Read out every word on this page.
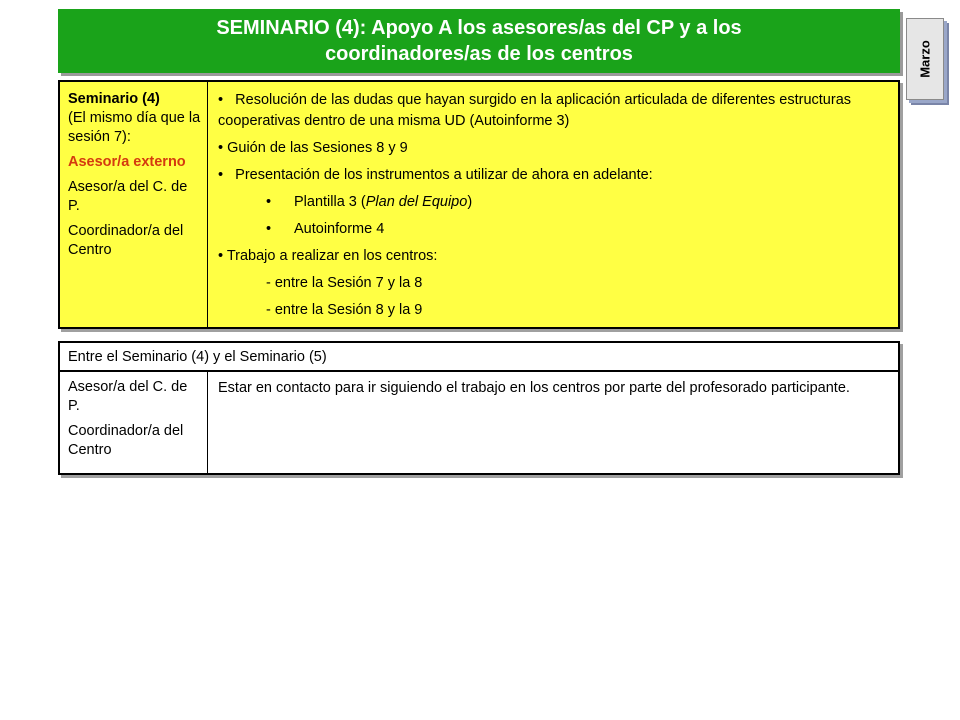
SEMINARIO (4): Apoyo A los asesores/as del CP y a los
coordinadores/as de los centros	Marzo

Seminario (4)
(El mismo día que la sesión 7):

Asesor/a externo

Asesor/a del C. de P.

Coordinador/a del Centro

•   Resolución de las dudas que hayan surgido en la aplicación articulada de diferentes estructuras cooperativas dentro de una misma UD (Autoinforme 3)

• Guión de las Sesiones 8 y 9

•   Presentación de los instrumentos a utilizar de ahora en adelante:

• Plantilla 3 (Plan del Equipo)

• Autoinforme 4

• Trabajo a realizar en los centros:

- entre la Sesión 7 y la 8

- entre la Sesión 8 y la 9

Entre el Seminario (4) y el Seminario (5)

Asesor/a del C. de P.

Coordinador/a del Centro

Estar en contacto para ir siguiendo el trabajo en los centros por parte del profesorado participante.
